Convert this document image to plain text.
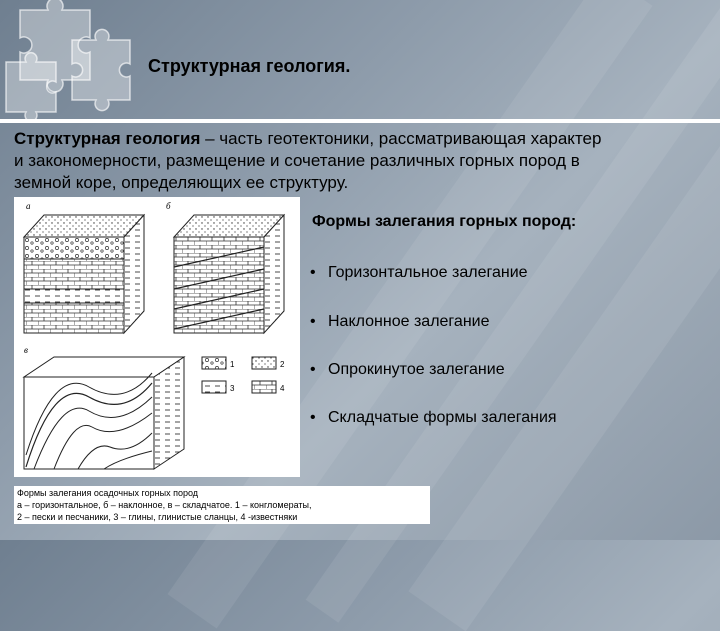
Структурная геология.
Структурная геология – часть геотектоники, рассматривающая характер
и закономерности, размещение и сочетание различных горных пород в
земной коре, определяющих ее структуру.
а	б
в
1	2
3	4
Формы залегания горных пород:
• Горизонтальное залегание
• Наклонное залегание
• Опрокинутое залегание
• Складчатые формы залегания
Формы залегания осадочных горных пород
а – горизонтальное, б – наклонное, в – складчатое. 1 – конгломераты,
2 – пески и песчаники, 3 – глины, глинистые сланцы, 4 -известняки
